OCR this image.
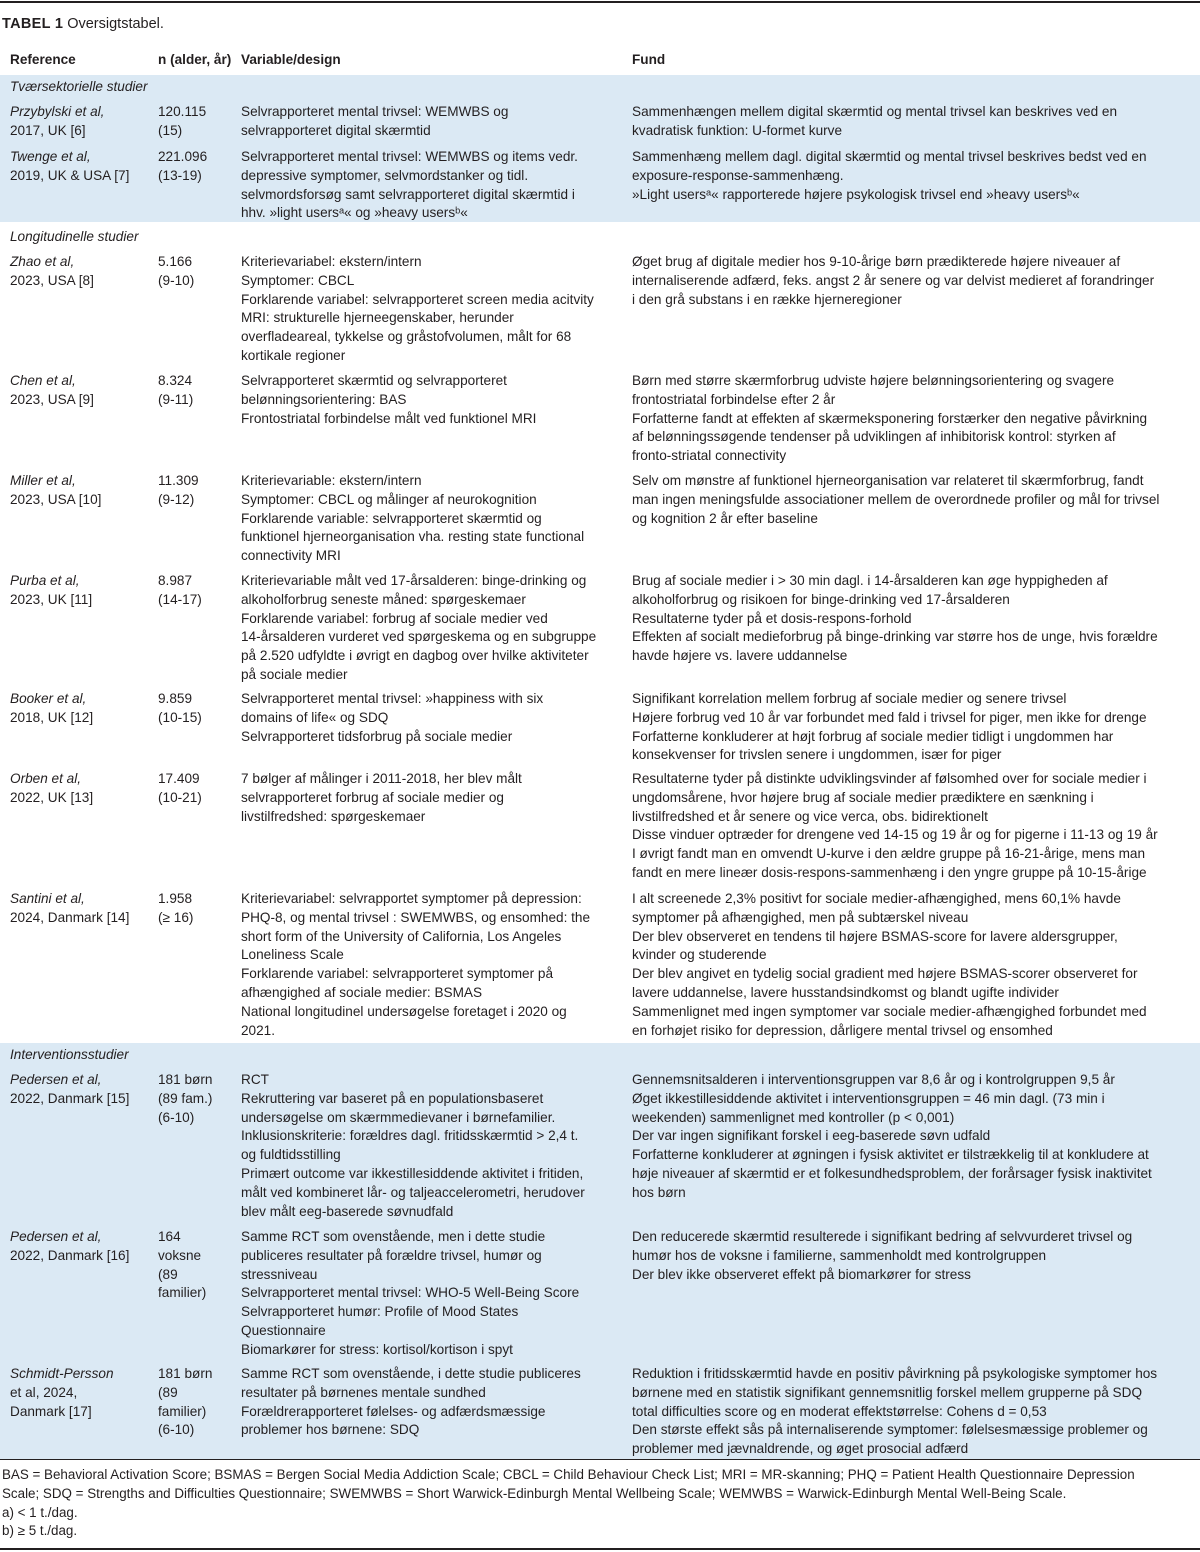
TABEL 1 Oversigtstabel.
Reference	n (alder, år) Variable/design	Fund
Tværsektorielle studier
Longitudinelle studier
Interventionsstudier
Przybylski et al,
2017, UK [6]
120.115
(15)
Selvrapporteret mental trivsel: WEMWBS og
selvrapporteret digital skærmtid
Sammenhængen mellem digital skærmtid og mental trivsel kan beskrives ved en
kvadratisk funktion: U-formet kurve
Twenge et al,
2019, UK & USA [7]
221.096
(13-19)
Selvrapporteret mental trivsel: WEMWBS og items vedr.
depressive symptomer, selvmordstanker og tidl.
selvmordsforsøg samt selvrapporteret digital skærmtid i
hhv. »light usersᵃ« og »heavy usersᵇ«
Sammenhæng mellem dagl. digital skærmtid og mental trivsel beskrives bedst ved en
exposure-response-sammenhæng.
»Light usersᵃ« rapporterede højere psykologisk trivsel end »heavy usersᵇ«
Zhao et al,
2023, USA [8]
5.166
(9-10)
Kriterievariabel: ekstern/intern
Symptomer: CBCL
Forklarende variabel: selvrapporteret screen media acitvity
MRI: strukturelle hjerneegenskaber, herunder
overfladeareal, tykkelse og gråstofvolumen, målt for 68
kortikale regioner
Øget brug af digitale medier hos 9-10-årige børn prædikterede højere niveauer af
internaliserende adfærd, feks. angst 2 år senere og var delvist medieret af forandringer
i den grå substans i en række hjerneregioner
Chen et al,
2023, USA [9]
8.324
(9-11)
Selvrapporteret skærmtid og selvrapporteret
belønningsorientering: BAS
Frontostriatal forbindelse målt ved funktionel MRI
Børn med større skærmforbrug udviste højere belønningsorientering og svagere
frontostriatal forbindelse efter 2 år
Forfatterne fandt at effekten af skærmeksponering forstærker den negative påvirkning
af belønningssøgende tendenser på udviklingen af inhibitorisk kontrol: styrken af
fronto-striatal connectivity
Miller et al,
2023, USA [10]
11.309
(9-12)
Kriterievariable: ekstern/intern
Symptomer: CBCL og målinger af neurokognition
Forklarende variable: selvrapporteret skærmtid og
funktionel hjerneorganisation vha. resting state functional
connectivity MRI
Selv om mønstre af funktionel hjerneorganisation var relateret til skærmforbrug, fandt
man ingen meningsfulde associationer mellem de overordnede profiler og mål for trivsel
og kognition 2 år efter baseline
Purba et al,
2023, UK [11]
8.987
(14-17)
Kriterievariable målt ved 17-årsalderen: binge-drinking og
alkoholforbrug seneste måned: spørgeskemaer
Forklarende variabel: forbrug af sociale medier ved
14-årsalderen vurderet ved spørgeskema og en subgruppe
på 2.520 udfyldte i øvrigt en dagbog over hvilke aktiviteter
på sociale medier
Brug af sociale medier i > 30 min dagl. i 14-årsalderen kan øge hyppigheden af
alkoholforbrug og risikoen for binge-drinking ved 17-årsalderen
Resultaterne tyder på et dosis-respons-forhold
Effekten af socialt medieforbrug på binge-drinking var større hos de unge, hvis forældre
havde højere vs. lavere uddannelse
Booker et al,
2018, UK [12]
9.859
(10-15)
Selvrapporteret mental trivsel: »happiness with six
domains of life« og SDQ
Selvrapporteret tidsforbrug på sociale medier
Signifikant korrelation mellem forbrug af sociale medier og senere trivsel
Højere forbrug ved 10 år var forbundet med fald i trivsel for piger, men ikke for drenge
Forfatterne konkluderer at højt forbrug af sociale medier tidligt i ungdommen har
konsekvenser for trivslen senere i ungdommen, især for piger
Orben et al,
2022, UK [13]
17.409
(10-21)
7 bølger af målinger i 2011-2018, her blev målt
selvrapporteret forbrug af sociale medier og
livstilfredshed: spørgeskemaer
Resultaterne tyder på distinkte udviklingsvinder af følsomhed over for sociale medier i
ungdomsårene, hvor højere brug af sociale medier prædiktere en sænkning i
livstilfredshed et år senere og vice verca, obs. bidirektionelt
Disse vinduer optræder for drengene ved 14-15 og 19 år og for pigerne i 11-13 og 19 år
I øvrigt fandt man en omvendt U-kurve i den ældre gruppe på 16-21-årige, mens man
fandt en mere lineær dosis-respons-sammenhæng i den yngre gruppe på 10-15-årige
Santini et al,
2024, Danmark [14]
1.958
(≥ 16)
Kriterievariabel: selvrapportet symptomer på depression:
PHQ-8, og mental trivsel : SWEMWBS, og ensomhed: the
short form of the University of California, Los Angeles
Loneliness Scale
Forklarende variabel: selvrapporteret symptomer på
afhængighed af sociale medier: BSMAS
National longitudinel undersøgelse foretaget i 2020 og
2021.
I alt screenede 2,3% positivt for sociale medier-afhængighed, mens 60,1% havde
symptomer på afhængighed, men på subtærskel niveau
Der blev observeret en tendens til højere BSMAS-score for lavere aldersgrupper,
kvinder og studerende
Der blev angivet en tydelig social gradient med højere BSMAS-scorer observeret for
lavere uddannelse, lavere husstandsindkomst og blandt ugifte individer
Sammenlignet med ingen symptomer var sociale medier-afhængighed forbundet med
en forhøjet risiko for depression, dårligere mental trivsel og ensomhed
Pedersen et al,
2022, Danmark [15]
181 børn
(89 fam.)
(6-10)
RCT
Rekruttering var baseret på en populationsbaseret
undersøgelse om skærmmedievaner i børnefamilier.
Inklusionskriterie: forældres dagl. fritidsskærmtid > 2,4 t.
og fuldtidsstilling
Primært outcome var ikkestillesiddende aktivitet i fritiden,
målt ved kombineret lår- og taljeaccelerometri, herudover
blev målt eeg-baserede søvnudfald
Gennemsnitsalderen i interventionsgruppen var 8,6 år og i kontrolgruppen 9,5 år
Øget ikkestillesiddende aktivitet i interventionsgruppen = 46 min dagl. (73 min i
weekenden) sammenlignet med kontroller (p < 0,001)
Der var ingen signifikant forskel i eeg-baserede søvn udfald
Forfatterne konkluderer at øgningen i fysisk aktivitet er tilstrækkelig til at konkludere at
høje niveauer af skærmtid er et folkesundhedsproblem, der forårsager fysisk inaktivitet
hos børn
Pedersen et al,
2022, Danmark [16]
164
voksne
(89
familier)
Samme RCT som ovenstående, men i dette studie
publiceres resultater på forældre trivsel, humør og
stressniveau
Selvrapporteret mental trivsel: WHO-5 Well-Being Score
Selvrapporteret humør: Profile of Mood States
Questionnaire
Biomarkører for stress: kortisol/kortison i spyt
Den reducerede skærmtid resulterede i signifikant bedring af selvvurderet trivsel og
humør hos de voksne i familierne, sammenholdt med kontrolgruppen
Der blev ikke observeret effekt på biomarkører for stress
Schmidt-Persson
et al, 2024,
Danmark [17]
181 børn
(89
familier)
(6-10)
Samme RCT som ovenstående, i dette studie publiceres
resultater på børnenes mentale sundhed
Forældrerapporteret følelses- og adfærdsmæssige
problemer hos børnene: SDQ
Reduktion i fritidsskærmtid havde en positiv påvirkning på psykologiske symptomer hos
børnene med en statistik signifikant gennemsnitlig forskel mellem grupperne på SDQ
total difficulties score og en moderat effektstørrelse: Cohens d = 0,53
Den største effekt sås på internaliserende symptomer: følelsesmæssige problemer og
problemer med jævnaldrende, og øget prosocial adfærd
BAS = Behavioral Activation Score; BSMAS = Bergen Social Media Addiction Scale; CBCL = Child Behaviour Check List; MRI = MR-skanning; PHQ = Patient Health Questionnaire Depression
Scale; SDQ = Strengths and Difficulties Questionnaire; SWEMWBS = Short Warwick-Edinburgh Mental Wellbeing Scale; WEMWBS = Warwick-Edinburgh Mental Well-Being Scale.
a) < 1 t./dag.
b) ≥ 5 t./dag.
